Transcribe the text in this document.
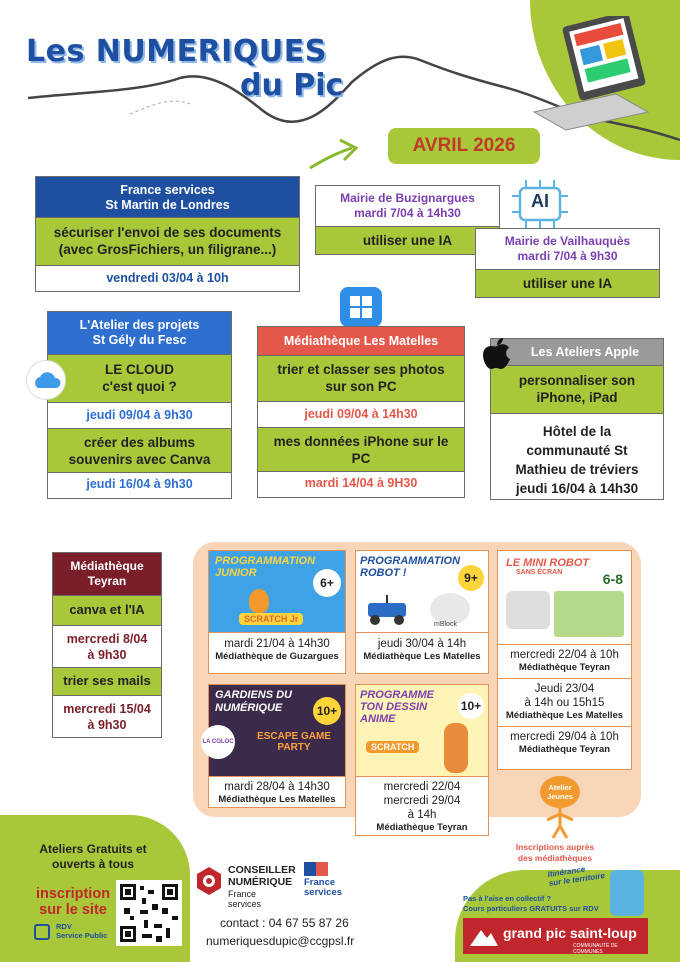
Les NUMERIQUES
du Pic
AVRIL 2026
France services
St Martin de Londres
sécuriser l'envoi de ses documents (avec GrosFichiers, un filigrane...)
vendredi 03/04 à 10h
Mairie de Buzignargues
mardi 7/04 à 14h30
utiliser une IA
AI
Mairie de Vailhauquès
mardi 7/04 à 9h30
utiliser une IA
L'Atelier des projets
St Gély du Fesc
LE CLOUD
c'est quoi ?
jeudi 09/04 à 9h30
créer des albums souvenirs avec Canva
jeudi 16/04 à 9h30
Médiathèque Les Matelles
trier et classer ses photos sur son PC
jeudi 09/04 à 14h30
mes données iPhone sur le PC
mardi 14/04 à 9H30
Les Ateliers Apple
personnaliser son iPhone, iPad
Hôtel de la communauté St Mathieu de tréviers jeudi 16/04 à 14h30
Médiathèque
Teyran
canva et l'IA
mercredi 8/04
à 9h30
trier ses mails
mercredi 15/04
à 9h30
PROGRAMMATION JUNIOR
6+
SCRATCH Jr
mardi 21/04 à 14h30
Médiathèque de Guzargues
PROGRAMMATION ROBOT !	9+
mBlock
jeudi 30/04 à 14h
Médiathèque Les Matelles
LE MINI ROBOT
SANS ÉCRAN	6-8
mercredi 22/04 à 10h
Médiathèque Teyran
Jeudi 23/04
à 14h ou 15h15
Médiathèque Les Matelles
mercredi 29/04 à 10h
Médiathèque Teyran
GARDIENS DU NUMÉRIQUE	10+
ESCAPE GAME PARTY
LA COLOC
mardi 28/04 à 14h30
Médiathèque Les Matelles
PROGRAMME TON DESSIN ANIME
10+
SCRATCH
mercredi 22/04
mercredi 29/04
à 14h
Médiathèque Teyran
Atelier
Jeunes
Inscriptions auprès
des médiathèques
Ateliers Gratuits et ouverts à tous
inscription
sur le site
RDV
Service Public
CONSEILLER
NUMÉRIQUE
France
services
France
services
contact : 04 67 55 87 26
numeriquesdupic@ccgpsl.fr
Itinérance
sur le territoire
Pas à l'aise en collectif ?
Cours particuliers GRATUITS sur RDV
grand pic saint-loup
COMMUNAUTÉ DE COMMUNES
